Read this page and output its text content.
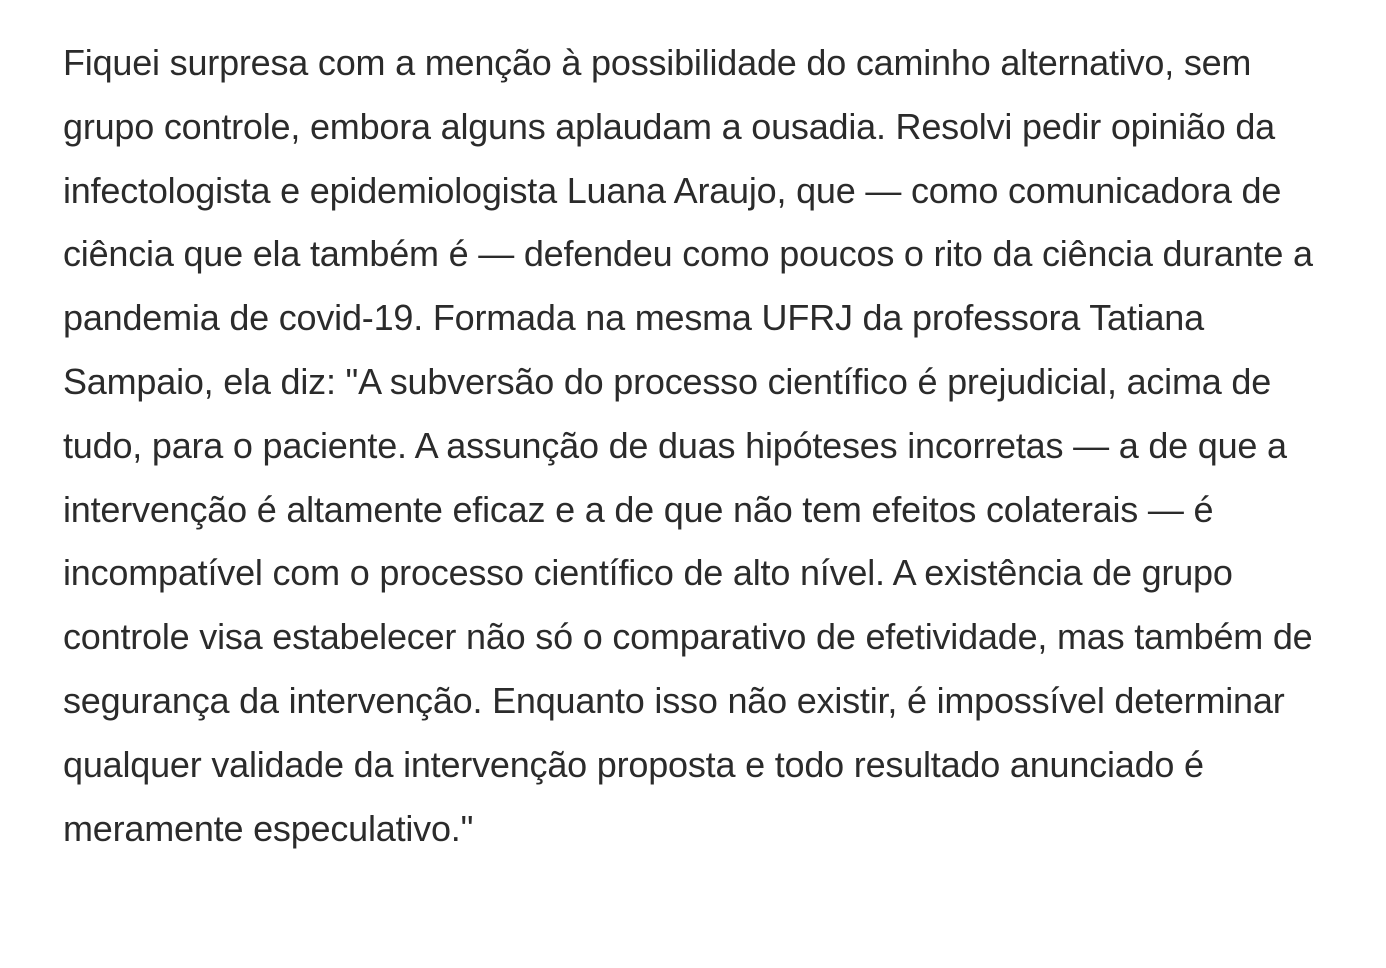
Fiquei surpresa com a menção à possibilidade do caminho alternativo, sem grupo controle, embora alguns aplaudam a ousadia. Resolvi pedir opinião da infectologista e epidemiologista Luana Araujo, que — como comunicadora de ciência que ela também é — defendeu como poucos o rito da ciência durante a pandemia de covid-19. Formada na mesma UFRJ da professora Tatiana Sampaio, ela diz: "A subversão do processo científico é prejudicial, acima de tudo, para o paciente. A assunção de duas hipóteses incorretas — a de que a intervenção é altamente eficaz e a de que não tem efeitos colaterais — é incompatível com o processo científico de alto nível. A existência de grupo controle visa estabelecer não só o comparativo de efetividade, mas também de segurança da intervenção. Enquanto isso não existir, é impossível determinar qualquer validade da intervenção proposta e todo resultado anunciado é meramente especulativo."
